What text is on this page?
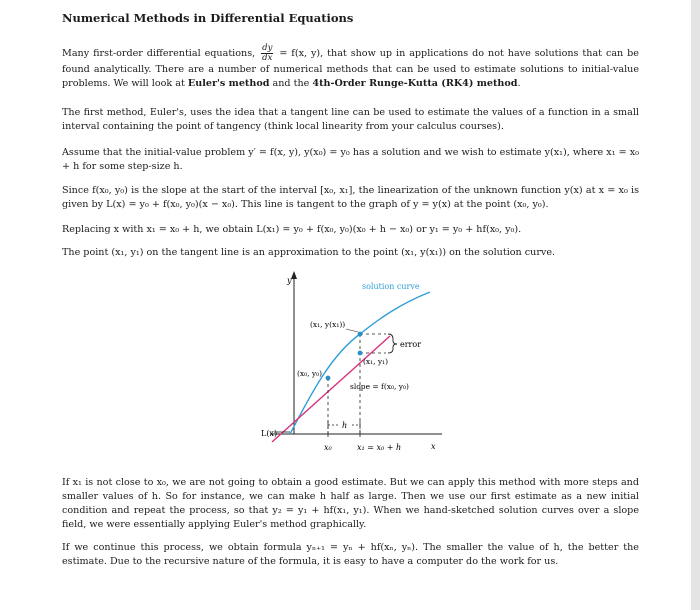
Numerical Methods in Differential Equations

Many first-order differential equations, $\frac{dy}{dx} = f(x$, y), that show up in applications do not have solutions that can be found analytically. There are a number of numerical methods that can be used to estimate solutions to initial-value problems. We will look at Euler's method and the 4th-Order Runge-Kutta (RK4) method.

The first method, Euler's, uses the idea that a tangent line can be used to estimate the values of a function in a small interval containing the point of tangency (think local linearity from your calculus courses).

Assume that the initial-value problem y′ = f(x, y), y(x₀) = y₀ has a solution and we wish to estimate y(x₁), where x₁ = x₀ + h for some step-size h.

Since f(x₀, y₀) is the slope at the start of the interval [x₀, x₁], the linearization of the unknown function y(x) at x = x₀ is given by L(x) = y₀ + f(x₀, y₀)(x − x₀). This line is tangent to the graph of y = y(x) at the point (x₀, y₀).

Replacing x with x₁ = x₀ + h, we obtain L(x₁) = y₀ + f(x₀, y₀)(x₀ + h − x₀) or y₁ = y₀ + hf(x₀, y₀).

The point (x₁, y₁) on the tangent line is an approximation to the point (x₁, y(x₁)) on the solution curve.

y
x
solution curve
L(x)
error
(x₁, y(x₁))
(x₁, y₁)
(x₀, y₀)
slope = f(x₀, y₀)
h
x₀	x₁ = x₀ + h

If x₁ is not close to x₀, we are not going to obtain a good estimate. But we can apply this method with more steps and smaller values of h. So for instance, we can make h half as large. Then we use our first estimate as a new initial condition and repeat the process, so that y₂ = y₁ + hf(x₁, y₁). When we hand-sketched solution curves over a slope field, we were essentially applying Euler's method graphically.

If we continue this process, we obtain formula yₙ₊₁ = yₙ + hf(xₙ, yₙ). The smaller the value of h, the better the estimate. Due to the recursive nature of the formula, it is easy to have a computer do the work for us.
